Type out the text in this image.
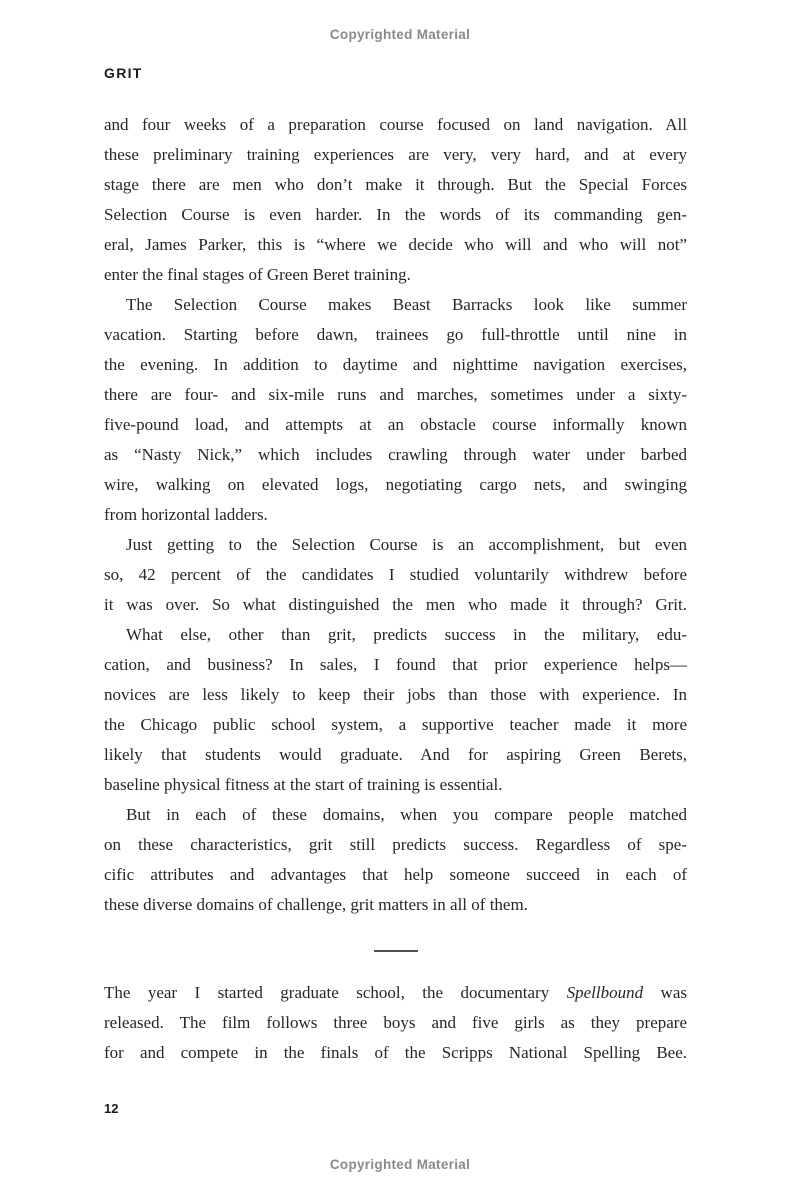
Copyrighted Material
GRIT
and four weeks of a preparation course focused on land navigation. All
these preliminary training experiences are very, very hard, and at every
stage there are men who don’t make it through. But the Special Forces
Selection Course is even harder. In the words of its commanding gen-
eral, James Parker, this is “where we decide who will and who will not”
enter the final stages of Green Beret training.
The Selection Course makes Beast Barracks look like summer
vacation. Starting before dawn, trainees go full-throttle until nine in
the evening. In addition to daytime and nighttime navigation exercises,
there are four- and six-mile runs and marches, sometimes under a sixty-
five-pound load, and attempts at an obstacle course informally known
as “Nasty Nick,” which includes crawling through water under barbed
wire, walking on elevated logs, negotiating cargo nets, and swinging
from horizontal ladders.
Just getting to the Selection Course is an accomplishment, but even
so, 42 percent of the candidates I studied voluntarily withdrew before
it was over. So what distinguished the men who made it through? Grit.
What else, other than grit, predicts success in the military, edu-
cation, and business? In sales, I found that prior experience helps—
novices are less likely to keep their jobs than those with experience. In
the Chicago public school system, a supportive teacher made it more
likely that students would graduate. And for aspiring Green Berets,
baseline physical fitness at the start of training is essential.
But in each of these domains, when you compare people matched
on these characteristics, grit still predicts success. Regardless of spe-
cific attributes and advantages that help someone succeed in each of
these diverse domains of challenge, grit matters in all of them.
The year I started graduate school, the documentary Spellbound was
released. The film follows three boys and five girls as they prepare
for and compete in the finals of the Scripps National Spelling Bee.
12
Copyrighted Material
